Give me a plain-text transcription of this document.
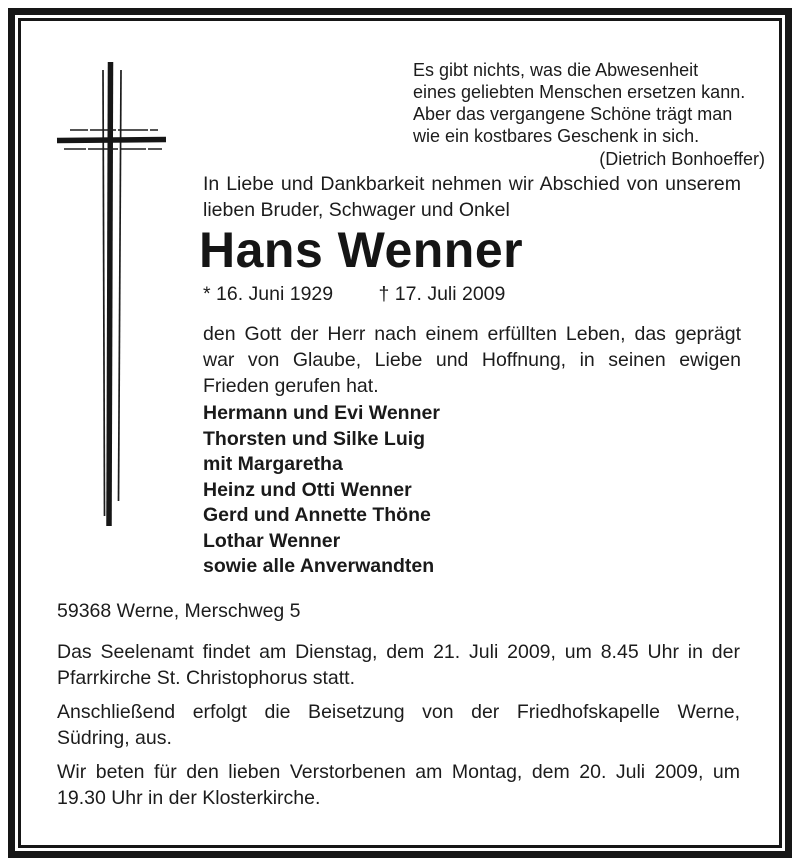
Es gibt nichts, was die Abwesenheit
eines geliebten Menschen ersetzen kann.
Aber das vergangene Schöne trägt man
wie ein kostbares Geschenk in sich.
(Dietrich Bonhoeffer)
In Liebe und Dankbarkeit nehmen wir Abschied von unserem
lieben Bruder, Schwager und Onkel
Hans Wenner
* 16. Juni 1929 † 17. Juli 2009
den Gott der Herr nach einem erfüllten Leben, das geprägt
war von Glaube, Liebe und Hoffnung, in seinen ewigen
Frieden gerufen hat.
Hermann und Evi Wenner
Thorsten und Silke Luig
mit Margaretha
Heinz und Otti Wenner
Gerd und Annette Thöne
Lothar Wenner
sowie alle Anverwandten
59368 Werne, Merschweg 5
Das Seelenamt findet am Dienstag, dem 21. Juli 2009, um 8.45 Uhr in der
Pfarrkirche St. Christophorus statt.
Anschließend erfolgt die Beisetzung von der Friedhofskapelle Werne,
Südring, aus.
Wir beten für den lieben Verstorbenen am Montag, dem 20. Juli 2009, um
19.30 Uhr in der Klosterkirche.
